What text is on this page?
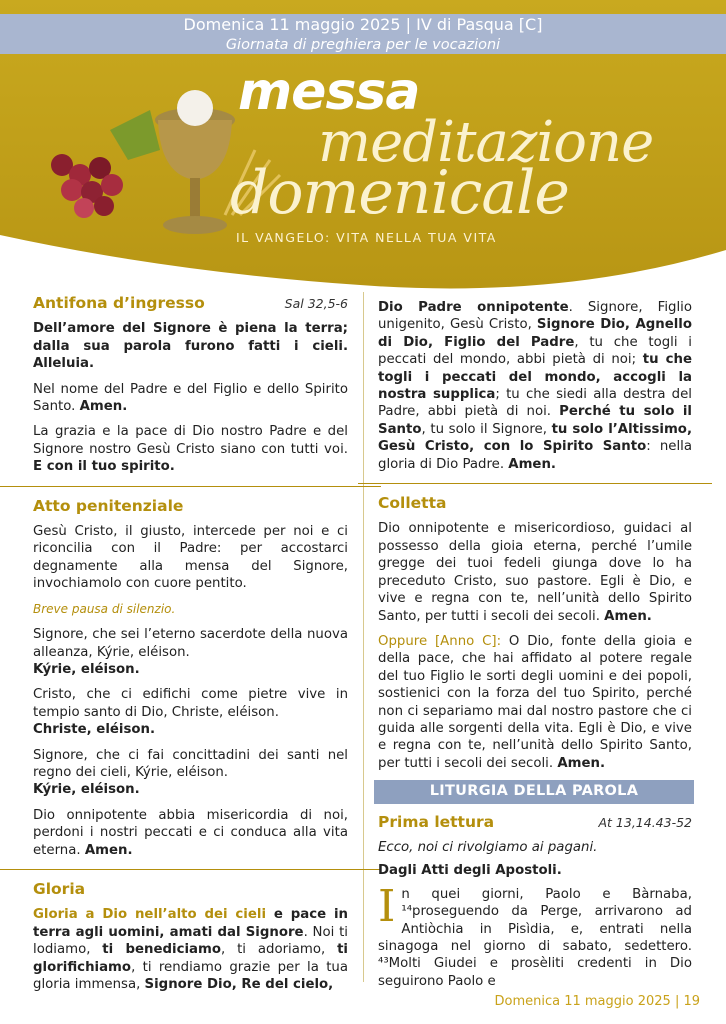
Domenica 11 maggio 2025 | IV di Pasqua [C]
Giornata di preghiera per le vocazioni
messa
meditazione
domenicale
IL VANGELO: VITA NELLA TUA VITA
Antifona d’ingresso	Sal 32,5-6

Dell’amore del Signore è piena la terra; dalla sua parola furono fatti i cieli. Alleluia.

Nel nome del Padre e del Figlio e dello Spirito Santo. Amen.

La grazia e la pace di Dio nostro Padre e del Signore nostro Gesù Cristo siano con tutti voi. E con il tuo spirito.

Atto penitenziale

Gesù Cristo, il giusto, intercede per noi e ci riconcilia con il Padre: per accostarci degnamente alla mensa del Signore, invochiamolo con cuore pentito.

Breve pausa di silenzio.

Signore, che sei l’eterno sacerdote della nuova alleanza, Kýrie, eléison.
Kýrie, eléison.

Cristo, che ci edifichi come pietre vive in tempio santo di Dio, Christe, eléison.
Christe, eléison.

Signore, che ci fai concittadini dei santi nel regno dei cieli, Kýrie, eléison.
Kýrie, eléison.

Dio onnipotente abbia misericordia di noi, perdoni i nostri peccati e ci conduca alla vita eterna. Amen.

Gloria

Gloria a Dio nell’alto dei cieli e pace in terra agli uomini, amati dal Signore. Noi ti lodiamo, ti benediciamo, ti adoriamo, ti glorifichiamo, ti rendiamo grazie per la tua gloria immensa, Signore Dio, Re del cielo,

Dio Padre onnipotente. Signore, Figlio unigenito, Gesù Cristo, Signore Dio, Agnello di Dio, Figlio del Padre, tu che togli i peccati del mondo, abbi pietà di noi; tu che togli i peccati del mondo, accogli la nostra supplica; tu che siedi alla destra del Padre, abbi pietà di noi. Perché tu solo il Santo, tu solo il Signore, tu solo l’Altissimo, Gesù Cristo, con lo Spirito Santo: nella gloria di Dio Padre. Amen.

Colletta

Dio onnipotente e misericordioso, guidaci al possesso della gioia eterna, perché l’umile gregge dei tuoi fedeli giunga dove lo ha preceduto Cristo, suo pastore. Egli è Dio, e vive e regna con te, nell’unità dello Spirito Santo, per tutti i secoli dei secoli. Amen.

Oppure [Anno C]: O Dio, fonte della gioia e della pace, che hai affidato al potere regale del tuo Figlio le sorti degli uomini e dei popoli, sostienici con la forza del tuo Spirito, perché non ci separiamo mai dal nostro pastore che ci guida alle sorgenti della vita. Egli è Dio, e vive e regna con te, nell’unità dello Spirito Santo, per tutti i secoli dei secoli. Amen.

LITURGIA DELLA PAROLA
Prima lettura	At 13,14.43-52

Ecco, noi ci rivolgiamo ai pagani.

Dagli Atti degli Apostoli.

In quei giorni, Paolo e Bàrnaba, ¹⁴proseguendo da Perge, arrivarono ad Antiòchia in Pisìdia, e, entrati nella sinagoga nel giorno di sabato, sedettero. ⁴³Molti Giudei e prosèliti credenti in Dio seguirono Paolo e

Domenica 11 maggio 2025 | 19
